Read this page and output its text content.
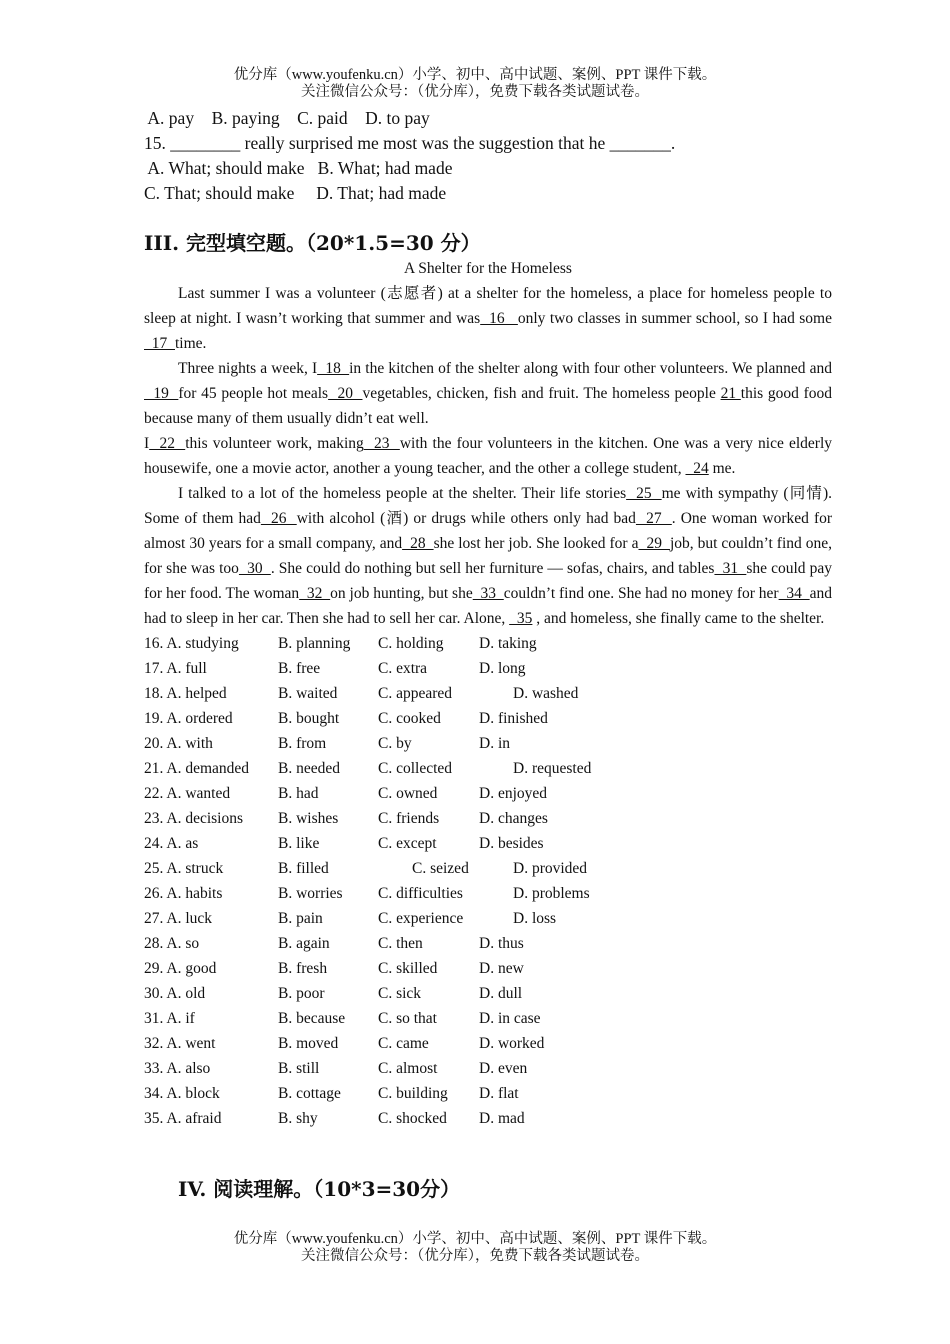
优分库（www.youfenku.cn）小学、初中、高中试题、案例、PPT 课件下载。
关注微信公众号：（优分库），免费下载各类试题试卷。
A. pay    B. paying    C. paid    D. to pay
15. ________ really surprised me most was the suggestion that he _______.
A. What; should make   B. What; had made
C. That; should make     D. That; had made
III. 完型填空题。（20*1.5=30 分）
A Shelter for the Homeless

Last summer I was a volunteer (志愿者) at a shelter for the homeless, a place for homeless people to sleep at night. I wasn’t working that summer and was  16   only two classes in summer school, so I had some  17  time.

Three nights a week, I  18  in the kitchen of the shelter along with four other volunteers. We planned and  19  for 45 people hot meals  20  vegetables, chicken, fish and fruit. The homeless people 21 this good food because many of them usually didn’t eat well.

I  22  this volunteer work, making  23  with the four volunteers in the kitchen. One was a very nice elderly housewife, one a movie actor, another a young teacher, and the other a college student,   24 me.

I talked to a lot of the homeless people at the shelter. Their life stories  25  me with sympathy (同情). Some of them had  26  with alcohol (酒) or drugs while others only had bad  27  . One woman worked for almost 30 years for a small company, and  28  she lost her job. She looked for a  29  job, but couldn’t find one, for she was too  30  . She could do nothing but sell her furniture — sofas, chairs, and tables  31  she could pay for her food. The woman  32  on job hunting, but she  33  couldn’t find one. She had no money for her  34  and had to sleep in her car. Then she had to sell her car. Alone,   35 , and homeless, she finally came to the shelter.

16. A. studying	B. planning C. holding D. taking
17. A. full	B. free	C. extra	D. long
18. A. helped	B. waited	C. appeared	D. washed
19. A. ordered	B. bought	C. cooked D. finished
20. A. with	B. from	C. by	D. in
21. A. demanded B. needed C. collected	D. requested
22. A. wanted	B. had	C. owned	D. enjoyed
23. A. decisions B. wishes	C. friends	D. changes
24. A. as	B. like	C. except	D. besides
25. A. struck	B. filled	C. seized	D. provided
26. A. habits	B. worries C. difficulties	D. problems
27. A. luck	B. pain	C. experience	D. loss
28. A. so	B. again	C. then	D. thus
29. A. good	B. fresh	C. skilled	D. new
30. A. old	B. poor	C. sick	D. dull
31. A. if	B. because C. so that	D. in case
32. A. went	B. moved	C. came	D. worked
33. A. also	B. still	C. almost	D. even
34. A. block	B. cottage C. building D. flat
35. A. afraid	B. shy	C. shocked D. mad
IV. 阅读理解。（10*3=30分）
优分库（www.youfenku.cn）小学、初中、高中试题、案例、PPT 课件下载。
关注微信公众号：（优分库），免费下载各类试题试卷。
